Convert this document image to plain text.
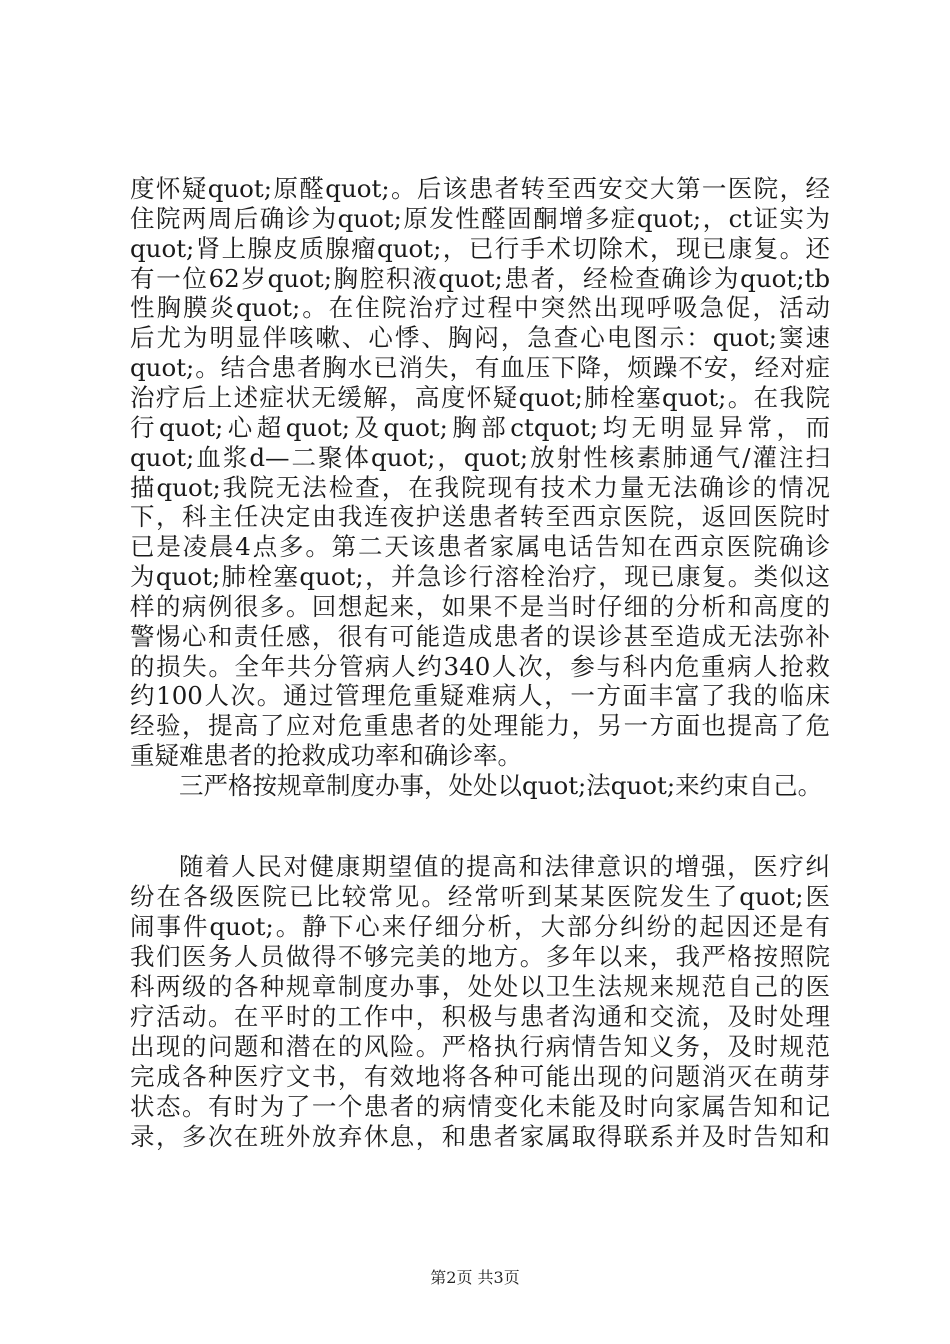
度怀疑quot;原醛quot;。后该患者转至西安交大第一医院，经
住院两周后确诊为quot;原发性醛固酮增多症quot;，ct证实为
quot;肾上腺皮质腺瘤quot;，已行手术切除术，现已康复。还
有一位62岁quot;胸腔积液quot;患者，经检查确诊为quot;tb
性胸膜炎quot;。在住院治疗过程中突然出现呼吸急促，活动
后尤为明显伴咳嗽、心悸、胸闷，急查心电图示：quot;窦速
quot;。结合患者胸水已消失，有血压下降，烦躁不安，经对症
治疗后上述症状无缓解，高度怀疑quot;肺栓塞quot;。在我院
行quot;心超quot;及quot;胸部ctquot;均无明显异常，而
quot;血浆d—二聚体quot;，quot;放射性核素肺通气/灌注扫
描quot;我院无法检查，在我院现有技术力量无法确诊的情况
下，科主任决定由我连夜护送患者转至西京医院，返回医院时
已是凌晨4点多。第二天该患者家属电话告知在西京医院确诊
为quot;肺栓塞quot;，并急诊行溶栓治疗，现已康复。类似这
样的病例很多。回想起来，如果不是当时仔细的分析和高度的
警惕心和责任感，很有可能造成患者的误诊甚至造成无法弥补
的损失。全年共分管病人约340人次，参与科内危重病人抢救
约100人次。通过管理危重疑难病人，一方面丰富了我的临床
经验，提高了应对危重患者的处理能力，另一方面也提高了危
重疑难患者的抢救成功率和确诊率。
三严格按规章制度办事，处处以quot;法quot;来约束自己。
随着人民对健康期望值的提高和法律意识的增强，医疗纠
纷在各级医院已比较常见。经常听到某某医院发生了quot;医
闹事件quot;。静下心来仔细分析，大部分纠纷的起因还是有
我们医务人员做得不够完美的地方。多年以来，我严格按照院
科两级的各种规章制度办事，处处以卫生法规来规范自己的医
疗活动。在平时的工作中，积极与患者沟通和交流，及时处理
出现的问题和潜在的风险。严格执行病情告知义务，及时规范
完成各种医疗文书，有效地将各种可能出现的问题消灭在萌芽
状态。有时为了一个患者的病情变化未能及时向家属告知和记
录，多次在班外放弃休息，和患者家属取得联系并及时告知和
第2页 共3页
